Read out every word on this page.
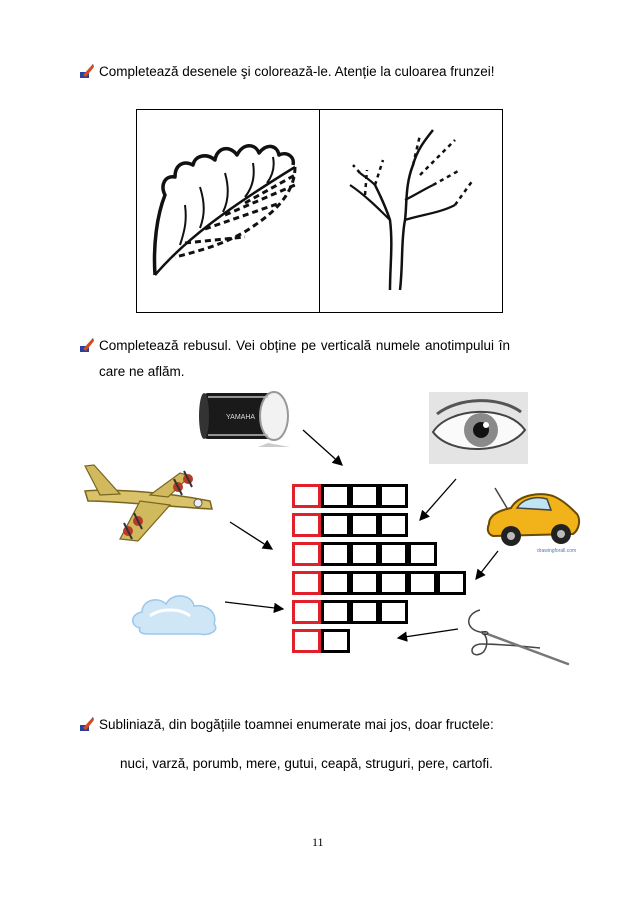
Completează desenele şi colorează-le. Atenție la culoarea frunzei!
Completează rebusul. Vei obține pe verticală numele anotimpului în
care ne aflăm.
YAMAHA
drawingforall.com
Subliniază, din bogățiile toamnei enumerate mai jos, doar fructele:
nuci, varză, porumb, mere, gutui, ceapă, struguri, pere, cartofi.
11
